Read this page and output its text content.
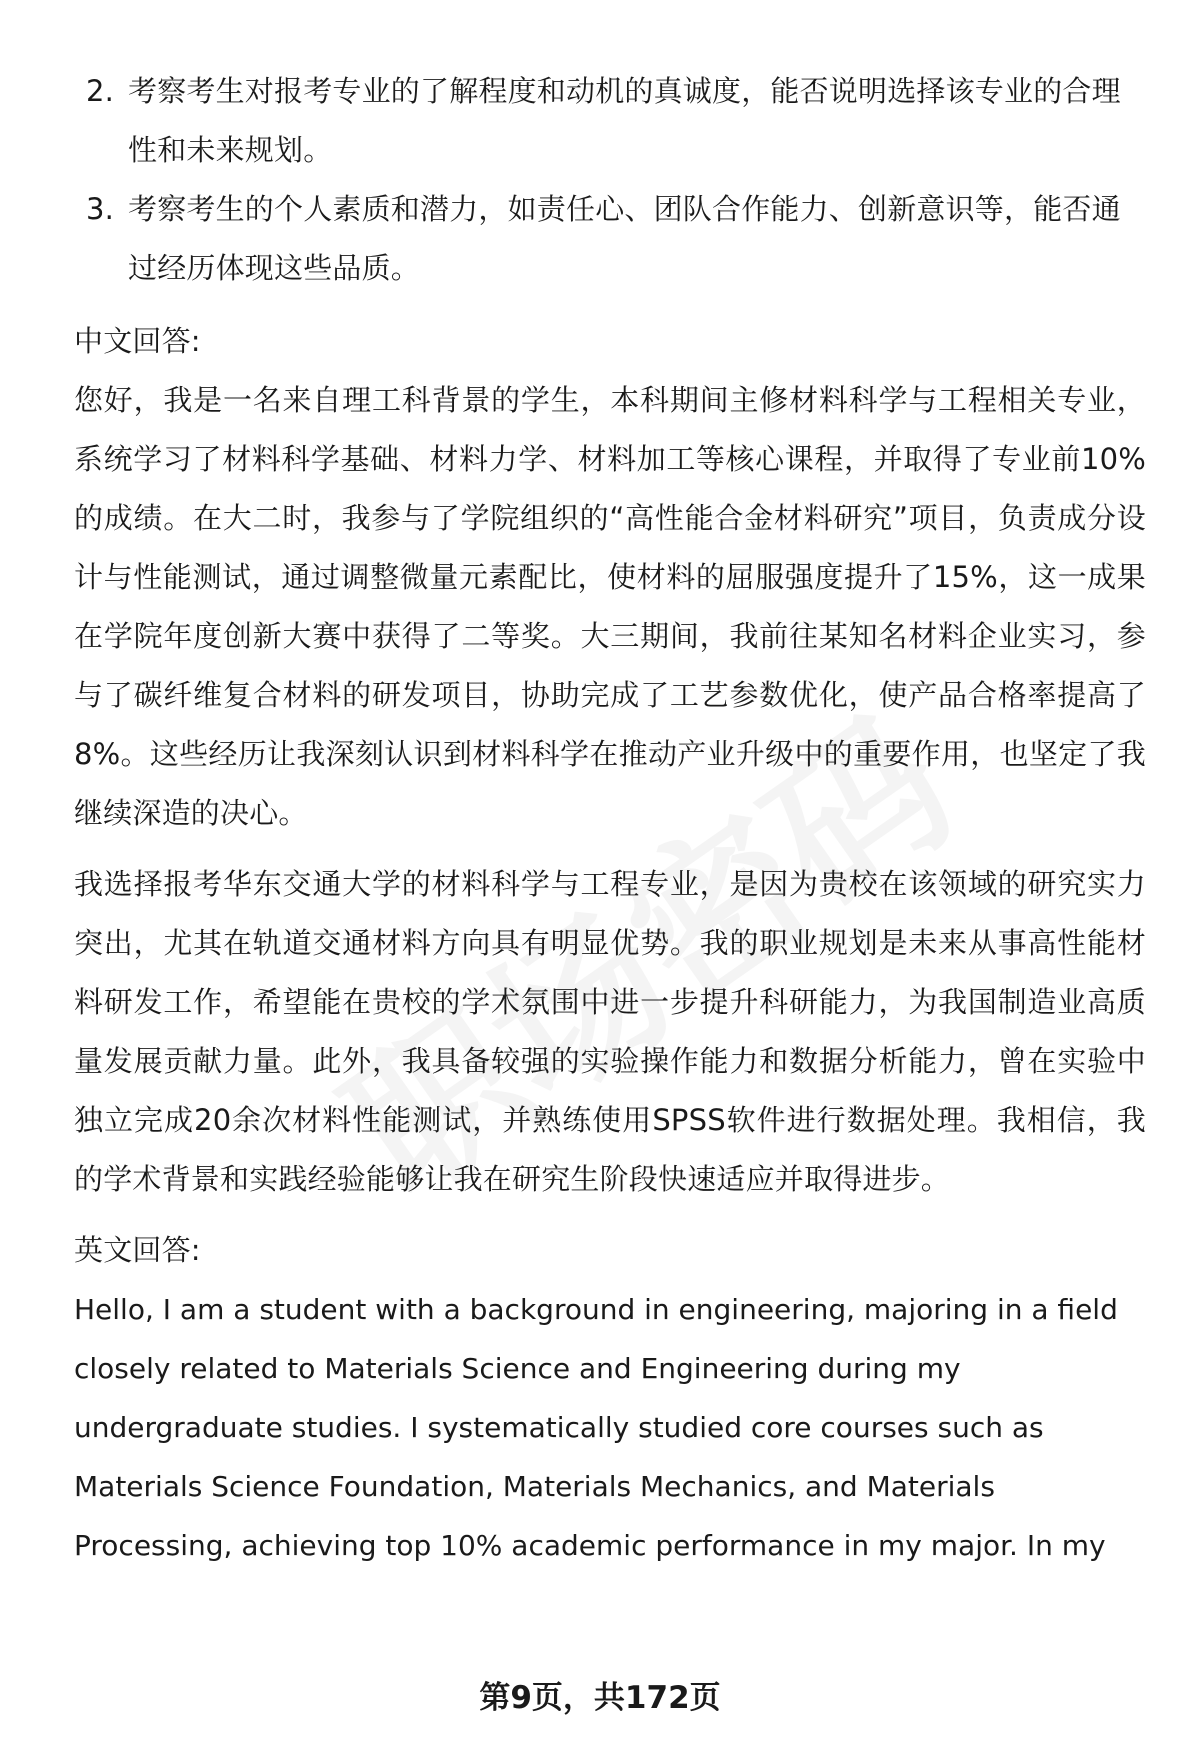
2. 考察考生对报考专业的了解程度和动机的真诚度，能否说明选择该专业的合理性和未来规划。
3. 考察考生的个人素质和潜力，如责任心、团队合作能力、创新意识等，能否通过经历体现这些品质。
中文回答:

您好，我是一名来自理工科背景的学生，本科期间主修材料科学与工程相关专业，系统学习了材料科学基础、材料力学、材料加工等核心课程，并取得了专业前10%的成绩。在大二时，我参与了学院组织的“高性能合金材料研究”项目，负责成分设计与性能测试，通过调整微量元素配比，使材料的屈服强度提升了15%，这一成果在学院年度创新大赛中获得了二等奖。大三期间，我前往某知名材料企业实习，参与了碳纤维复合材料的研发项目，协助完成了工艺参数优化，使产品合格率提高了8%。这些经历让我深刻认识到材料科学在推动产业升级中的重要作用，也坚定了我继续深造的决心。

我选择报考华东交通大学的材料科学与工程专业，是因为贵校在该领域的研究实力突出，尤其在轨道交通材料方向具有明显优势。我的职业规划是未来从事高性能材料研发工作，希望能在贵校的学术氛围中进一步提升科研能力，为我国制造业高质量发展贡献力量。此外，我具备较强的实验操作能力和数据分析能力，曾在实验中独立完成20余次材料性能测试，并熟练使用SPSS软件进行数据处理。我相信，我的学术背景和实践经验能够让我在研究生阶段快速适应并取得进步。

英文回答:

Hello, I am a student with a background in engineering, majoring in a field closely related to Materials Science and Engineering during my undergraduate studies. I systematically studied core courses such as Materials Science Foundation, Materials Mechanics, and Materials Processing, achieving top 10% academic performance in my major. In my

第9页，共172页
